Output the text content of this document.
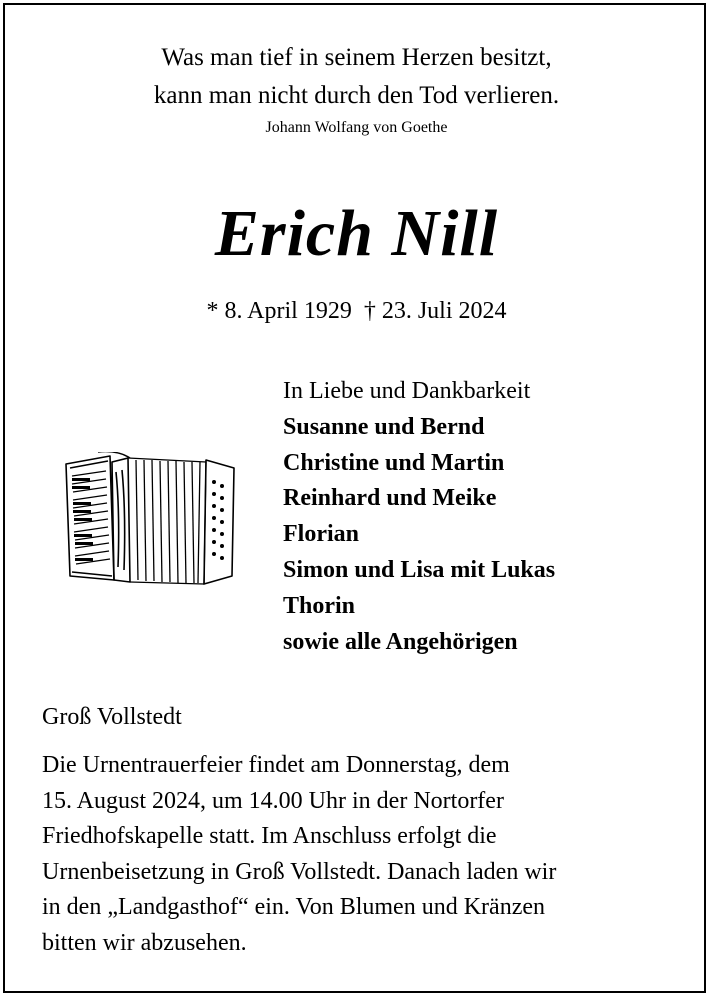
Was man tief in seinem Herzen besitzt,
kann man nicht durch den Tod verlieren.
Johann Wolfang von Goethe
Erich Nill
* 8. April 1929 † 23. Juli 2024
In Liebe und Dankbarkeit
Susanne und Bernd
Christine und Martin
Reinhard und Meike
Florian
Simon und Lisa mit Lukas
Thorin
sowie alle Angehörigen
Groß Vollstedt
Die Urnentrauerfeier findet am Donnerstag, dem
15. August 2024, um 14.00 Uhr in der Nortorfer
Friedhofskapelle statt. Im Anschluss erfolgt die
Urnenbeisetzung in Groß Vollstedt. Danach laden wir
in den „Landgasthof“ ein. Von Blumen und Kränzen
bitten wir abzusehen.
